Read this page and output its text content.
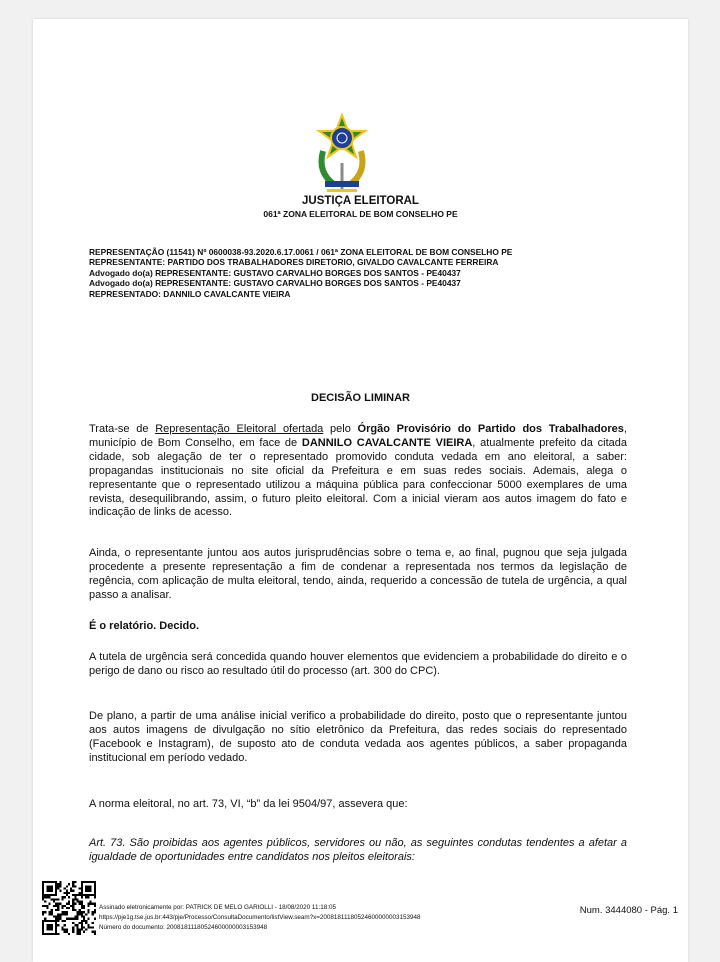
JUSTIÇA ELEITORAL
061ª ZONA ELEITORAL DE BOM CONSELHO PE
REPRESENTAÇÃO (11541) Nº 0600038-93.2020.6.17.0061 / 061ª ZONA ELEITORAL DE BOM CONSELHO PE
REPRESENTANTE: PARTIDO DOS TRABALHADORES DIRETORIO, GIVALDO CAVALCANTE FERREIRA
Advogado do(a) REPRESENTANTE: GUSTAVO CARVALHO BORGES DOS SANTOS - PE40437
Advogado do(a) REPRESENTANTE: GUSTAVO CARVALHO BORGES DOS SANTOS - PE40437
REPRESENTADO: DANNILO CAVALCANTE VIEIRA
DECISÃO LIMINAR
Trata-se de Representação Eleitoral ofertada pelo Órgão Provisório do Partido dos Trabalhadores, município de Bom Conselho, em face de DANNILO CAVALCANTE VIEIRA, atualmente prefeito da citada cidade, sob alegação de ter o representado promovido conduta vedada em ano eleitoral, a saber: propagandas institucionais no site oficial da Prefeitura e em suas redes sociais. Ademais, alega o representante que o representado utilizou a máquina pública para confeccionar 5000 exemplares de uma revista, desequilibrando, assim, o futuro pleito eleitoral. Com a inicial vieram aos autos imagem do fato e indicação de links de acesso.
Ainda, o representante juntou aos autos jurisprudências sobre o tema e, ao final, pugnou que seja julgada procedente a presente representação a fim de condenar a representada nos termos da legislação de regência, com aplicação de multa eleitoral, tendo, ainda, requerido a concessão de tutela de urgência, a qual passo a analisar.
É o relatório. Decido.
A tutela de urgência será concedida quando houver elementos que evidenciem a probabilidade do direito e o perigo de dano ou risco ao resultado útil do processo (art. 300 do CPC).
De plano, a partir de uma análise inicial verifico a probabilidade do direito, posto que o representante juntou aos autos imagens de divulgação no sítio eletrônico da Prefeitura, das redes sociais do representado (Facebook e Instagram), de suposto ato de conduta vedada aos agentes públicos, a saber propaganda institucional em período vedado.
A norma eleitoral, no art. 73, VI, “b” da lei 9504/97, assevera que:
Art. 73. São proibidas aos agentes públicos, servidores ou não, as seguintes condutas tendentes a afetar a igualdade de oportunidades entre candidatos nos pleitos eleitorais:
Assinado eletronicamente por: PATRICK DE MELO GARIOLLI - 18/08/2020 11:18:05
https://pje1g.tse.jus.br:443/pje/Processo/ConsultaDocumento/listView.seam?x=20081811180524600000003153948
Número do documento: 20081811180524600000003153948
Num. 3444080 - Pág. 1
